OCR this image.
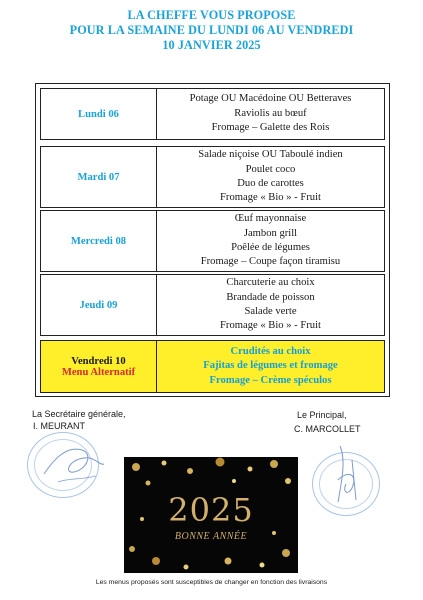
LA CHEFFE VOUS PROPOSE
POUR LA SEMAINE DU LUNDI 06 AU VENDREDI
10 JANVIER 2025
Lundi 06
Potage OU Macédoine OU Betteraves
Raviolis au bœuf
Fromage – Galette des Rois
Mardi 07
Salade niçoise OU Taboulé indien
Poulet coco
Duo de carottes
Fromage « Bio » - Fruit
Mercredi 08
Œuf mayonnaise
Jambon grill
Poêlée de légumes
Fromage – Coupe façon tiramisu
Jeudi 09
Charcuterie au choix
Brandade de poisson
Salade verte
Fromage « Bio » - Fruit
Vendredi 10
Menu Alternatif
Crudités au choix
Fajitas de légumes et fromage
Fromage – Crème spéculos
La Secrétaire générale,
I. MEURANT
Le Principal,
C. MARCOLLET
2025
BONNE ANNÉE
Les menus proposés sont susceptibles de changer en fonction des livraisons
